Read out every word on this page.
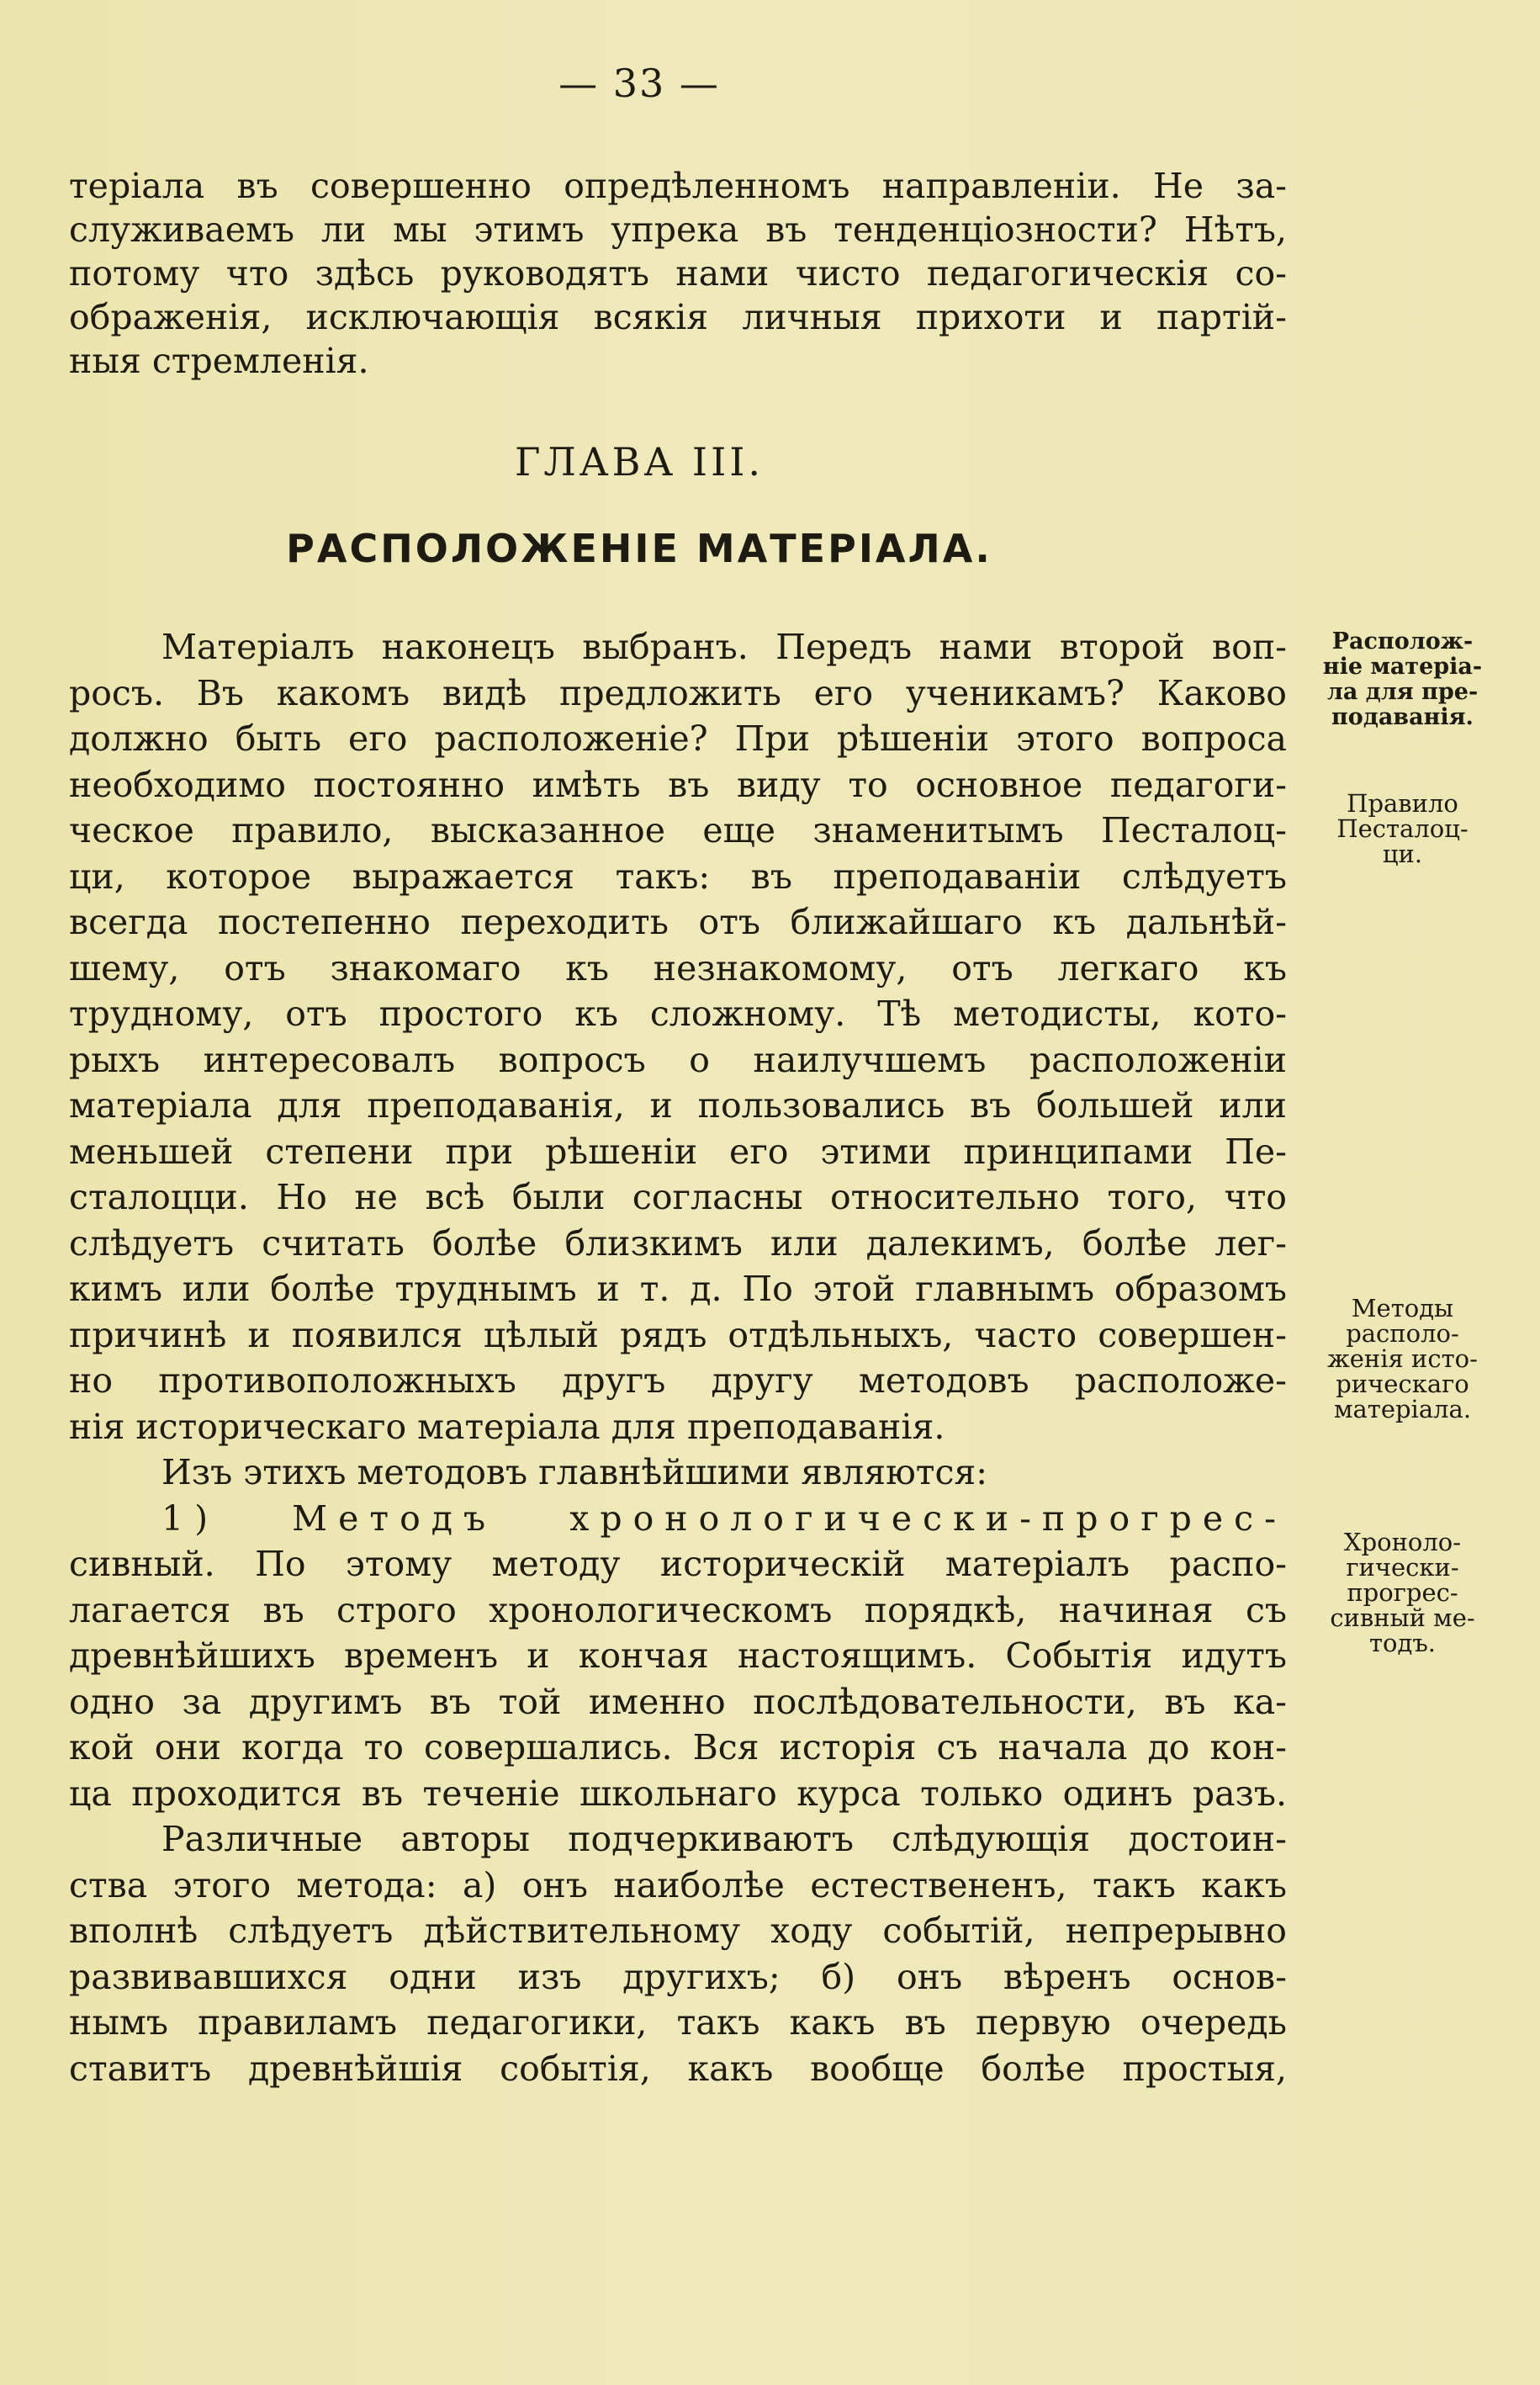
— 33 —
теріала въ совершенно опредѣленномъ направленіи. Не за-
служиваемъ ли мы этимъ упрека въ тенденціозности? Нѣтъ,
потому что здѣсь руководятъ нами чисто педагогическія со-
ображенія, исключающія всякія личныя прихоти и партій-
ныя стремленія.
ГЛАВА III.
РАСПОЛОЖЕНІЕ МАТЕРІАЛА.
Матеріалъ наконецъ выбранъ. Передъ нами второй воп-
росъ. Въ какомъ видѣ предложить его ученикамъ? Каково
должно быть его расположеніе? При рѣшеніи этого вопроса
необходимо постоянно имѣть въ виду то основное педагоги-
ческое правило, высказанное еще знаменитымъ Песталоц-
ци, которое выражается такъ: въ преподаваніи слѣдуетъ
всегда постепенно переходить отъ ближайшаго къ дальнѣй-
шему, отъ знакомаго къ незнакомому, отъ легкаго къ
трудному, отъ простого къ сложному. Тѣ методисты, кото-
рыхъ интересовалъ вопросъ о наилучшемъ расположеніи
матеріала для преподаванія, и пользовались въ большей или
меньшей степени при рѣшеніи его этими принципами Пе-
сталоцци. Но не всѣ были согласны относительно того, что
слѣдуетъ считать болѣе близкимъ или далекимъ, болѣе лег-
кимъ или болѣе труднымъ и т. д. По этой главнымъ образомъ
причинѣ и появился цѣлый рядъ отдѣльныхъ, часто совершен-
но противоположныхъ другъ другу методовъ расположе-
нія историческаго матеріала для преподаванія.
Изъ этихъ методовъ главнѣйшими являются:
1) Методъ хронологически-прогрес-
сивный. По этому методу историческій матеріалъ распо-
лагается въ строго хронологическомъ порядкѣ, начиная съ
древнѣйшихъ временъ и кончая настоящимъ. Событія идутъ
одно за другимъ въ той именно послѣдовательности, въ ка-
кой они когда то совершались. Вся исторія съ начала до кон-
ца проходится въ теченіе школьнаго курса только одинъ разъ.
Различные авторы подчеркиваютъ слѣдующія достоин-
ства этого метода: а) онъ наиболѣе естествененъ, такъ какъ
вполнѣ слѣдуетъ дѣйствительному ходу событій, непрерывно
развивавшихся одни изъ другихъ; б) онъ вѣренъ основ-
нымъ правиламъ педагогики, такъ какъ въ первую очередь
ставитъ древнѣйшія событія, какъ вообще болѣе простыя,
Располож-
ніе матеріа-
ла для пре-
подаванія.
Правило
Песталоц-
ци.
Методы
располо-
женія исто-
рическаго
матеріала.
Хроноло-
гически-
прогрес-
сивный ме-
тодъ.
